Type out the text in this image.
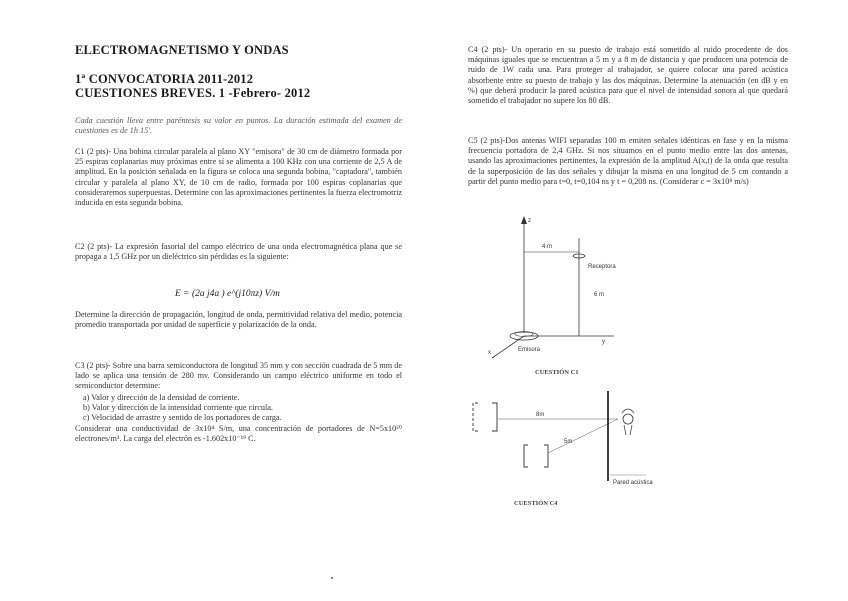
ELECTROMAGNETISMO Y ONDAS
1ª CONVOCATORIA 2011-2012
CUESTIONES BREVES. 1 -Febrero- 2012
Cada cuestión lleva entre paréntesis su valor en puntos. La duración estimada del examen de cuestiones es de 1h 15'.
C1 (2 pts)- Una bobina circular paralela al plano XY "emisora" de 30 cm de diámetro formada por 25 espiras coplanarias muy próximas entre sí se alimenta a 100 KHz con una corriente de 2,5 A de amplitud. En la posición señalada en la figura se coloca una segunda bobina, "captadora", también circular y paralela al plano XY, de 10 cm de radio, formada por 100 espiras coplanarias que consideraremos superpuestas. Determine con las aproximaciones pertinentes la fuerza electromotriz inducida en esta segunda bobina.
C2 (2 pts)- La expresión fasorial del campo eléctrico de una onda electromagnética plana que se propaga a 1,5 GHz por un dieléctrico sin pérdidas es la siguiente:
E = (2a j4a ) e^(j10πz) V/m
Determine la dirección de propagación, longitud de onda, permitividad relativa del medio, potencia promedio transportada por unidad de superficie y polarización de la onda.
C3 (2 pts)- Sobre una barra semiconductora de longitud 35 mm y con sección cuadrada de 5 mm de lado se aplica una tensión de 280 mv. Considerando un campo eléctrico uniforme en todo el semiconductor determine:
a) Valor y dirección de la densidad de corriente.
b) Valor y dirección de la intensidad corriente que circula.
c) Velocidad de arrastre y sentido de los portadores de carga.
Considerar una conductividad de 3x10⁴ S/m, una concentración de portadores de N=5x10²⁰ electrones/m³. La carga del electrón es -1.602x10⁻¹⁹ C.
C4 (2 pts)- Un operario en su puesto de trabajo está sometido al ruido procedente de dos máquinas iguales que se encuentran a 5 m y a 8 m de distancia y que producen una potencia de ruido de 1W cada una. Para proteger al trabajador, se quiere colocar una pared acústica absorbente entre su puesto de trabajo y las dos máquinas. Determine la atenuación (en dB y en %) que deberá producir la pared acústica para que el nivel de intensidad sonora al que quedará sometido el trabajador no supere los 80 dB.
C5 (2 pts)-Dos antenas WIFI separadas 100 m emiten señales idénticas en fase y en la misma frecuencia portadora de 2,4 GHz. Si nos situamos en el punto medio entre las dos antenas, usando las aproximaciones pertinentes, la expresión de la amplitud A(x,t) de la onda que resulta de la superposición de las dos señales y dibujar la misma en una longitud de 5 cm contando a partir del punto medio para t=0, t=0,104 ns y t = 0,208 ns. (Considerar c = 3x10⁸ m/s)
z
4 m
Receptora
6 m
y
x	Emisora
CUESTIÓN C1
8m
5m
Pared acústica
CUESTIÓN C4
